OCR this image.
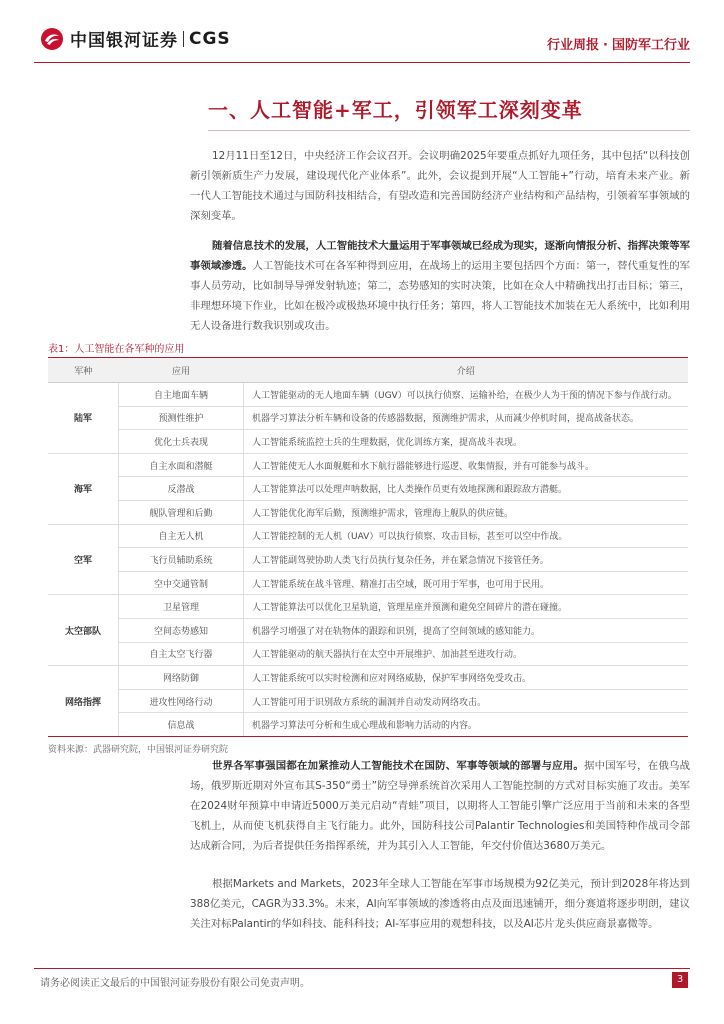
中国银河证券 CGS	行业周报 · 国防军工行业
一、人工智能+军工，引领军工深刻变革

12月11日至12日，中央经济工作会议召开。会议明确2025年要重点抓好九项任务，其中包括“以科技创新引领新质生产力发展，建设现代化产业体系”。此外，会议提到开展“人工智能+”行动，培育未来产业。新一代人工智能技术通过与国防科技相结合，有望改造和完善国防经济产业结构和产品结构，引领着军事领域的深刻变革。

随着信息技术的发展，人工智能技术大量运用于军事领域已经成为现实，逐渐向情报分析、指挥决策等军事领域渗透。人工智能技术可在各军种得到应用，在战场上的运用主要包括四个方面：第一，替代重复性的军事人员劳动，比如制导导弹发射轨迹；第二，态势感知的实时决策，比如在众人中精确找出打击目标；第三，非理想环境下作业，比如在极冷或极热环境中执行任务；第四，将人工智能技术加装在无人系统中，比如利用无人设备进行数我识别或攻击。

表1：人工智能在各军种的应用
军种	应用	介绍
陆军	自主地面车辆	人工智能驱动的无人地面车辆（UGV）可以执行侦察、运输补给，在极少人为干预的情况下参与作战行动。
	预测性维护	机器学习算法分析车辆和设备的传感器数据，预测维护需求，从而减少停机时间，提高战备状态。
	优化士兵表现	人工智能系统监控士兵的生理数据，优化训练方案，提高战斗表现。
海军	自主水面和潜艇	人工智能使无人水面舰艇和水下航行器能够进行巡逻、收集情报，并有可能参与战斗。
	反潜战	人工智能算法可以处理声呐数据，比人类操作员更有效地探测和跟踪敌方潜艇。
	舰队管理和后勤	人工智能优化海军后勤，预测维护需求，管理海上舰队的供应链。
空军	自主无人机	人工智能控制的无人机（UAV）可以执行侦察、攻击目标，甚至可以空中作战。
	飞行员辅助系统	人工智能副驾驶协助人类飞行员执行复杂任务，并在紧急情况下接管任务。
	空中交通管制	人工智能系统在战斗管理、精准打击空域，既可用于军事，也可用于民用。
太空部队	卫星管理	人工智能算法可以优化卫星轨道，管理星座并预测和避免空间碎片的潜在碰撞。
	空间态势感知	机器学习增强了对在轨物体的跟踪和识别，提高了空间领域的感知能力。
	自主太空飞行器	人工智能驱动的航天器执行在太空中开展维护、加油甚至进攻行动。
网络指挥	网络防御	人工智能系统可以实时检测和应对网络威胁，保护军事网络免受攻击。
	进攻性网络行动	人工智能可用于识别敌方系统的漏洞并自动发动网络攻击。
	信息战	机器学习算法可分析和生成心理战和影响力活动的内容。
资料来源：武器研究院，中国银河证券研究院

世界各军事强国都在加紧推动人工智能技术在国防、军事等领域的部署与应用。据中国军号，在俄乌战场，俄罗斯近期对外宣布其S-350“勇士”防空导弹系统首次采用人工智能控制的方式对目标实施了攻击。美军在2024财年预算中申请近5000万美元启动“青蛙”项目，以期将人工智能引擎广泛应用于当前和未来的各型飞机上，从而使飞机获得自主飞行能力。此外，国防科技公司Palantir Technologies和美国特种作战司令部达成新合同，为后者提供任务指挥系统，并为其引入人工智能，年交付价值达3680万美元。

根据Markets and Markets，2023年全球人工智能在军事市场规模为92亿美元，预计到2028年将达到388亿美元，CAGR为33.3%。未来，AI向军事领域的渗透将由点及面迅速铺开，细分赛道将逐步明朗，建议关注对标Palantir的华如科技、能科科技；AI-军事应用的观想科技，以及AI芯片龙头供应商景嘉微等。

请务必阅读正文最后的中国银河证券股份有限公司免责声明。	3
